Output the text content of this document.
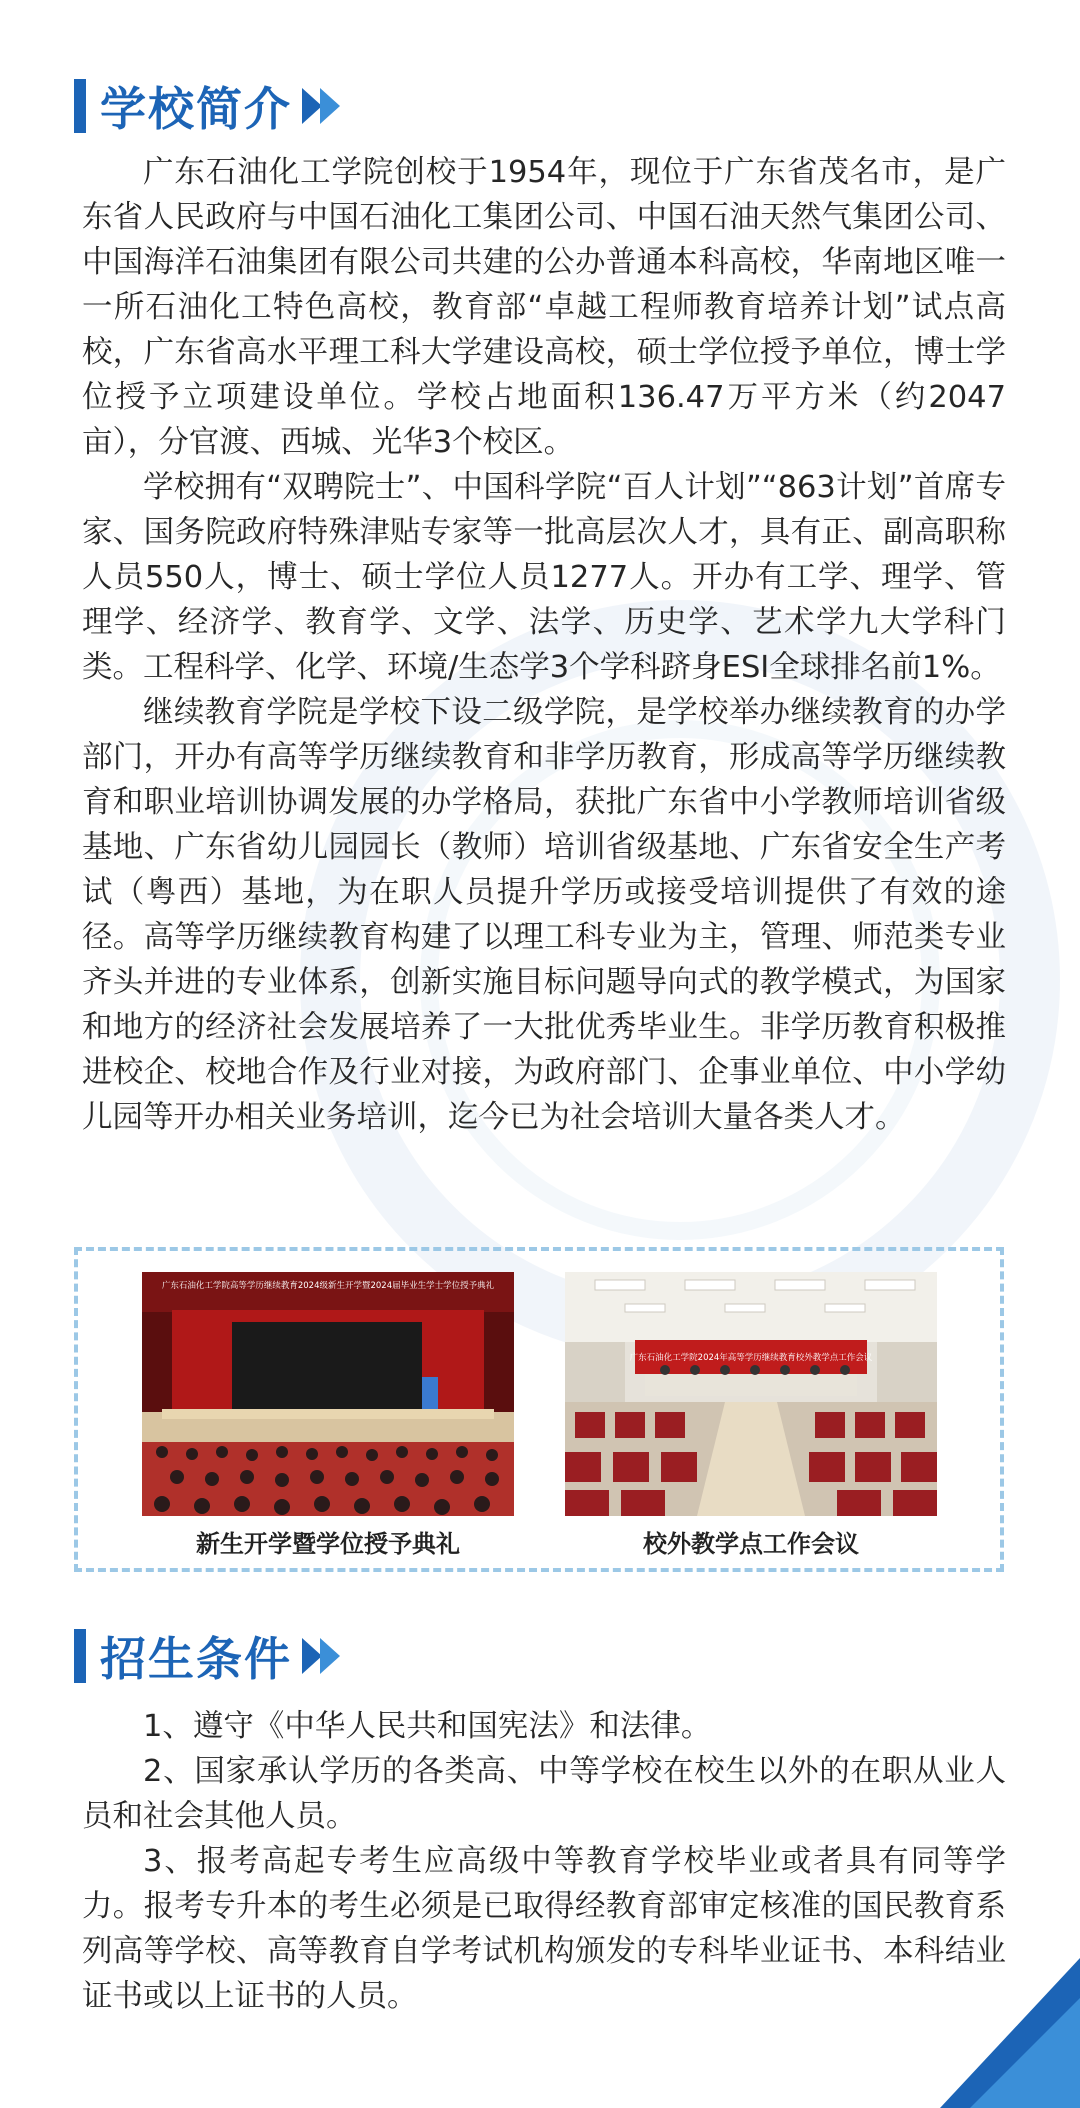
学校简介

广东石油化工学院创校于1954年，现位于广东省茂名市，是广东省人民政府与中国石油化工集团公司、中国石油天然气集团公司、中国海洋石油集团有限公司共建的公办普通本科高校，华南地区唯一一所石油化工特色高校，教育部“卓越工程师教育培养计划”试点高校，广东省高水平理工科大学建设高校，硕士学位授予单位，博士学位授予立项建设单位。学校占地面积136.47万平方米（约2047亩），分官渡、西城、光华3个校区。

学校拥有“双聘院士”、中国科学院“百人计划”“863计划”首席专家、国务院政府特殊津贴专家等一批高层次人才，具有正、副高职称人员550人，博士、硕士学位人员1277人。开办有工学、理学、管理学、经济学、教育学、文学、法学、历史学、艺术学九大学科门类。工程科学、化学、环境/生态学3个学科跻身ESI全球排名前1%。

继续教育学院是学校下设二级学院，是学校举办继续教育的办学部门，开办有高等学历继续教育和非学历教育，形成高等学历继续教育和职业培训协调发展的办学格局，获批广东省中小学教师培训省级基地、广东省幼儿园园长（教师）培训省级基地、广东省安全生产考试（粤西）基地，为在职人员提升学历或接受培训提供了有效的途径。高等学历继续教育构建了以理工科专业为主，管理、师范类专业齐头并进的专业体系，创新实施目标问题导向式的教学模式，为国家和地方的经济社会发展培养了一大批优秀毕业生。非学历教育积极推进校企、校地合作及行业对接，为政府部门、企事业单位、中小学幼儿园等开办相关业务培训，迄今已为社会培训大量各类人才。

广东石油化工学院高等学历继续教育2024级新生开学暨2024届毕业生学士学位授予典礼
广东石油化工学院2024年高等学历继续教育校外教学点工作会议
新生开学暨学位授予典礼	校外教学点工作会议
招生条件

1、遵守《中华人民共和国宪法》和法律。

2、国家承认学历的各类高、中等学校在校生以外的在职从业人员和社会其他人员。

3、报考高起专考生应高级中等教育学校毕业或者具有同等学力。报考专升本的考生必须是已取得经教育部审定核准的国民教育系列高等学校、高等教育自学考试机构颁发的专科毕业证书、本科结业证书或以上证书的人员。
